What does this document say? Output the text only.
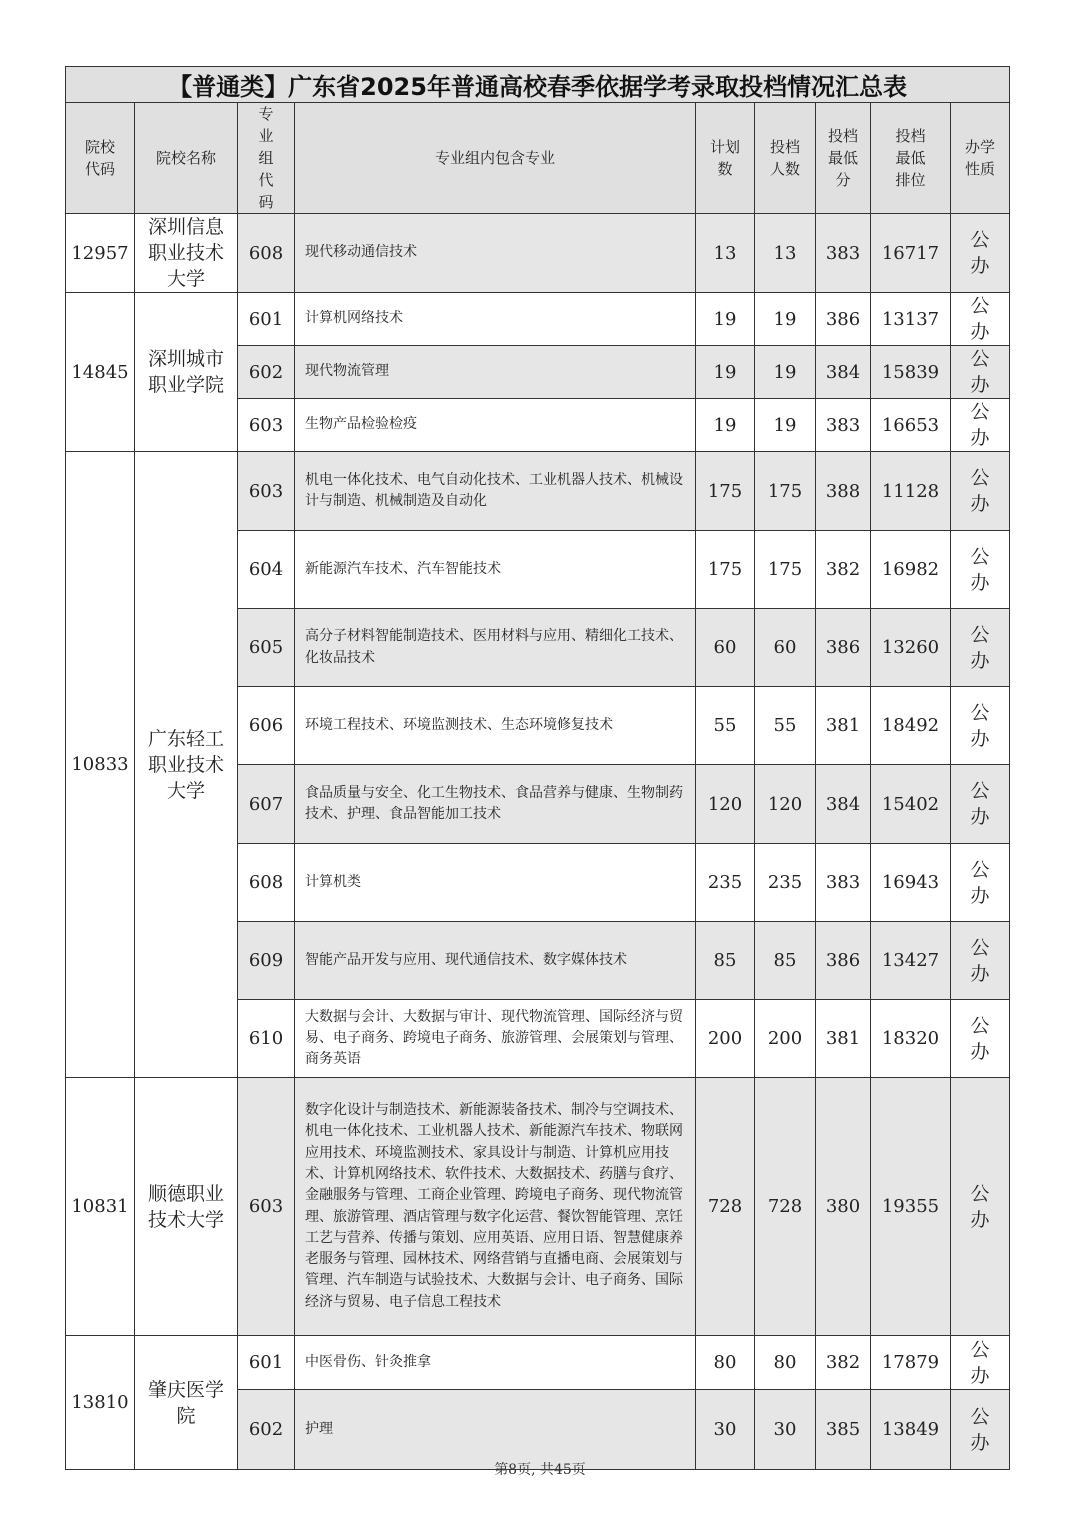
【普通类】广东省2025年普通高校春季依据学考录取投档情况汇总表								

院校代码	院校名称	专业组代码	专业组内包含专业	计划数	投档人数	投档最低分	投档最低排位	办学性质

12957	深圳信息职业技术大学	608	现代移动通信技术	13	13	383	16717	公办

14845	深圳城市职业学院	601	计算机网络技术	19	19	386	13137	公办

		602	现代物流管理	19	19	384	15839	公办

		603	生物产品检验检疫	19	19	383	16653	公办

10833	广东轻工职业技术大学	603	机电一体化技术、电气自动化技术、工业机器人技术、机械设计与制造、机械制造及自动化	175	175	388	11128	公办

		604	新能源汽车技术、汽车智能技术	175	175	382	16982	公办

		605	高分子材料智能制造技术、医用材料与应用、精细化工技术、化妆品技术	60	60	386	13260	公办

		606	环境工程技术、环境监测技术、生态环境修复技术	55	55	381	18492	公办

		607	食品质量与安全、化工生物技术、食品营养与健康、生物制药技术、护理、食品智能加工技术	120	120	384	15402	公办

		608	计算机类	235	235	383	16943	公办

		609	智能产品开发与应用、现代通信技术、数字媒体技术	85	85	386	13427	公办

		610	大数据与会计、大数据与审计、现代物流管理、国际经济与贸易、电子商务、跨境电子商务、旅游管理、会展策划与管理、商务英语	200	200	381	18320	公办

10831	顺德职业技术大学	603	数字化设计与制造技术、新能源装备技术、制冷与空调技术、机电一体化技术、工业机器人技术、新能源汽车技术、物联网应用技术、环境监测技术、家具设计与制造、计算机应用技术、计算机网络技术、软件技术、大数据技术、药膳与食疗、金融服务与管理、工商企业管理、跨境电子商务、现代物流管理、旅游管理、酒店管理与数字化运营、餐饮智能管理、烹饪工艺与营养、传播与策划、应用英语、应用日语、智慧健康养老服务与管理、园林技术、网络营销与直播电商、会展策划与管理、汽车制造与试验技术、大数据与会计、电子商务、国际经济与贸易、电子信息工程技术	728	728	380	19355	公办

13810	肇庆医学院	601	中医骨伤、针灸推拿	80	80	382	17879	公办

		602	护理	30	30	385	13849	公办
第8页, 共45页
